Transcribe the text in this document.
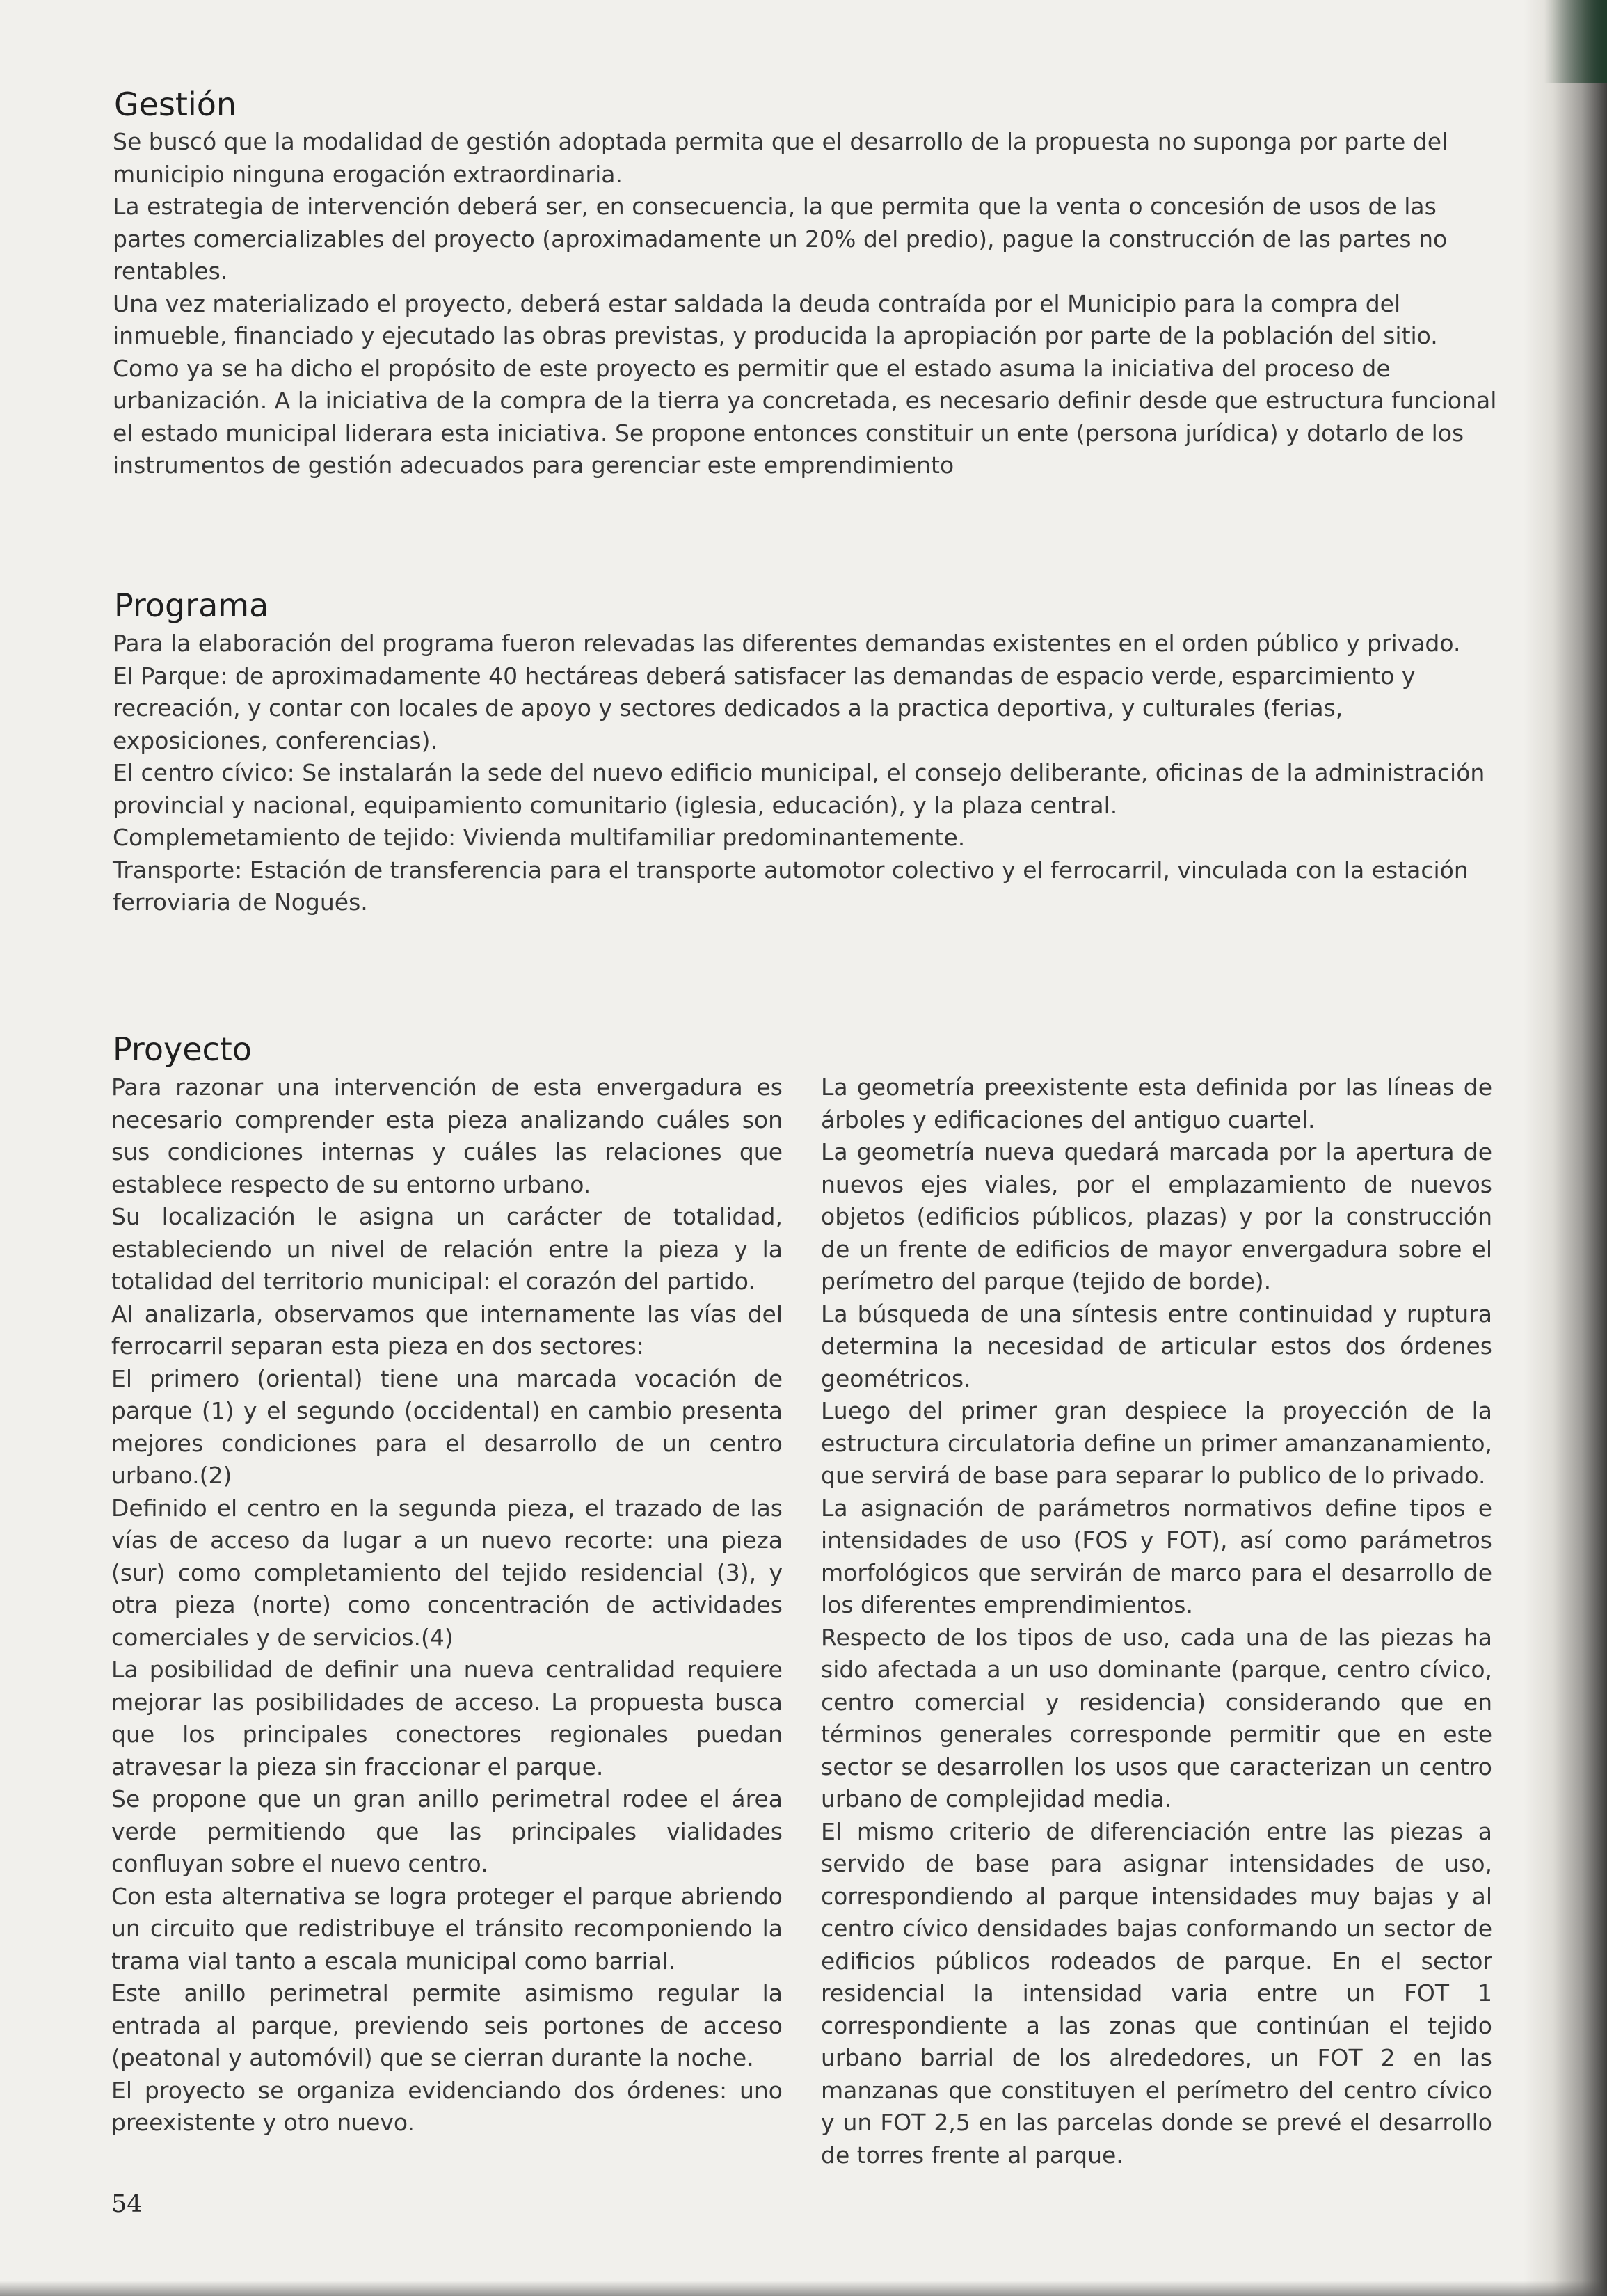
Gestión

Se buscó que la modalidad de gestión adoptada permita que el desarrollo de la propuesta no suponga por parte del municipio ninguna erogación extraordinaria.

La estrategia de intervención deberá ser, en consecuencia, la que permita que la venta o concesión de usos de las partes comercializables del proyecto (aproximadamente un 20% del predio), pague la construcción de las partes no rentables.

Una vez materializado el proyecto, deberá estar saldada la deuda contraída por el Municipio para la compra del inmueble, financiado y ejecutado las obras previstas, y producida la apropiación por parte de la población del sitio.

Como ya se ha dicho el propósito de este proyecto es permitir que el estado asuma la iniciativa del proceso de urbanización. A la iniciativa de la compra de la tierra ya concretada, es necesario definir desde que estructura funcional el estado municipal liderara esta iniciativa. Se propone entonces constituir un ente (persona jurídica) y dotarlo de los instrumentos de gestión adecuados para gerenciar este emprendimiento

Programa

Para la elaboración del programa fueron relevadas las diferentes demandas existentes en el orden público y privado.

El Parque: de aproximadamente 40 hectáreas deberá satisfacer las demandas de espacio verde, esparcimiento y recreación, y contar con locales de apoyo y sectores dedicados a la practica deportiva, y culturales (ferias, exposiciones, conferencias).

El centro cívico: Se instalarán la sede del nuevo edificio municipal, el consejo deliberante, oficinas de la administración provincial y nacional, equipamiento comunitario (iglesia, educación), y la plaza central.

Complemetamiento de tejido: Vivienda multifamiliar predominantemente.

Transporte: Estación de transferencia para el transporte automotor colectivo y el ferrocarril, vinculada con la estación ferroviaria de Nogués.

Proyecto

Para razonar una intervención de esta envergadura es necesario comprender esta pieza analizando cuáles son sus condiciones internas y cuáles las relaciones que establece respecto de su entorno urbano.

Su localización le asigna un carácter de totalidad, estableciendo un nivel de relación entre la pieza y la totalidad del territorio municipal: el corazón del partido.

Al analizarla, observamos que internamente las vías del ferrocarril separan esta pieza en dos sectores:

El primero (oriental) tiene una marcada vocación de parque (1) y el segundo (occidental) en cambio presenta mejores condiciones para el desarrollo de un centro urbano.(2)

Definido el centro en la segunda pieza, el trazado de las vías de acceso da lugar a un nuevo recorte: una pieza (sur) como completamiento del tejido residencial (3), y otra pieza (norte) como concentración de actividades comerciales y de servicios.(4)

La posibilidad de definir una nueva centralidad requiere mejorar las posibilidades de acceso. La propuesta busca que los principales conectores regionales puedan atravesar la pieza sin fraccionar el parque.

Se propone que un gran anillo perimetral rodee el área verde permitiendo que las principales vialidades confluyan sobre el nuevo centro.

Con esta alternativa se logra proteger el parque abriendo un circuito que redistribuye el tránsito recomponiendo la trama vial tanto a escala municipal como barrial.

Este anillo perimetral permite asimismo regular la entrada al parque, previendo seis portones de acceso (peatonal y automóvil) que se cierran durante la noche.

El proyecto se organiza evidenciando dos órdenes: uno preexistente y otro nuevo.

La geometría preexistente esta definida por las líneas de árboles y edificaciones del antiguo cuartel.

La geometría nueva quedará marcada por la apertura de nuevos ejes viales, por el emplazamiento de nuevos objetos (edificios públicos, plazas) y por la construcción de un frente de edificios de mayor envergadura sobre el perímetro del parque (tejido de borde).

La búsqueda de una síntesis entre continuidad y ruptura determina la necesidad de articular estos dos órdenes geométricos.

Luego del primer gran despiece la proyección de la estructura circulatoria define un primer amanzanamiento, que servirá de base para separar lo publico de lo privado.

La asignación de parámetros normativos define tipos e intensidades de uso (FOS y FOT), así como parámetros morfológicos que servirán de marco para el desarrollo de los diferentes emprendimientos.

Respecto de los tipos de uso, cada una de las piezas ha sido afectada a un uso dominante (parque, centro cívico, centro comercial y residencia) considerando que en términos generales corresponde permitir que en este sector se desarrollen los usos que caracterizan un centro urbano de complejidad media.

El mismo criterio de diferenciación entre las piezas a servido de base para asignar intensidades de uso, correspondiendo al parque intensidades muy bajas y al centro cívico densidades bajas conformando un sector de edificios públicos rodeados de parque. En el sector residencial la intensidad varia entre un FOT 1 correspondiente a las zonas que continúan el tejido urbano barrial de los alrededores, un FOT 2 en las manzanas que constituyen el perímetro del centro cívico y un FOT 2,5 en las parcelas donde se prevé el desarrollo de torres frente al parque.

54
